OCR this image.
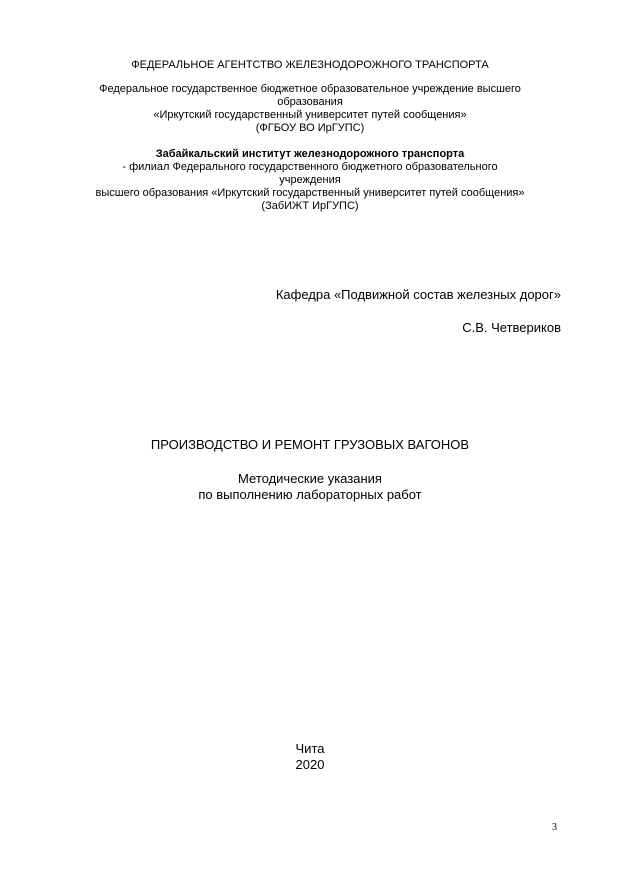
ФЕДЕРАЛЬНОЕ АГЕНТСТВО ЖЕЛЕЗНОДОРОЖНОГО ТРАНСПОРТА
Федеральное государственное бюджетное образовательное учреждение высшего
образования
«Иркутский государственный университет путей сообщения»
(ФГБОУ ВО ИрГУПС)
Забайкальский институт железнодорожного транспорта
- филиал Федерального государственного бюджетного образовательного
учреждения
высшего образования «Иркутский государственный университет путей сообщения»
(ЗабИЖТ ИрГУПС)
Кафедра «Подвижной состав железных дорог»
С.В. Четвериков
ПРОИЗВОДСТВО И РЕМОНТ ГРУЗОВЫХ ВАГОНОВ
Методические указания
по выполнению лабораторных работ
Чита
2020
3
